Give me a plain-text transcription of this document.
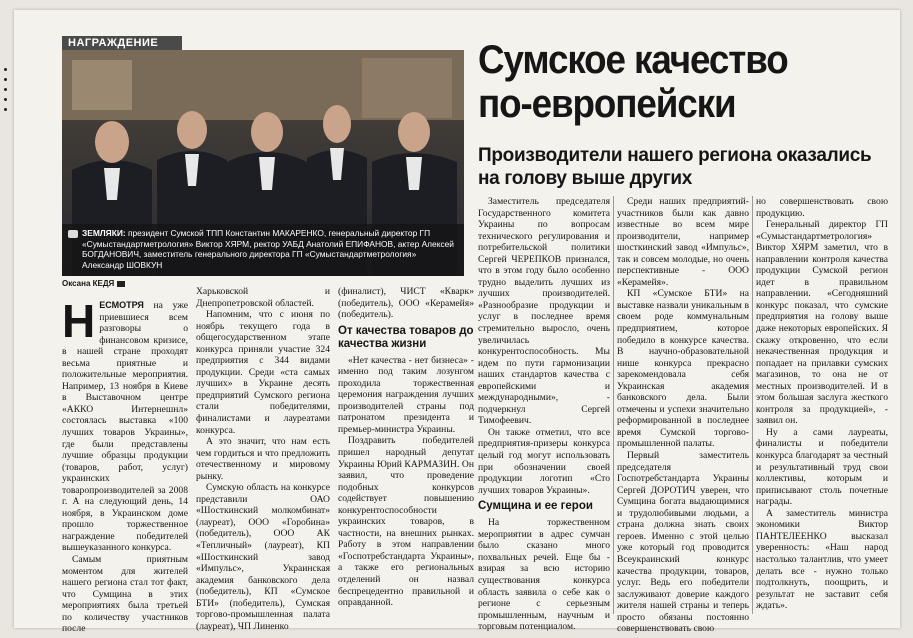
НАГРАЖДЕНИЕ
ЗЕМЛЯКИ: президент Сумской ТПП Константин МАКАРЕНКО, генеральный директор ГП «Сумыстандартметрология» Виктор ХЯРМ, ректор УАБД Анатолий ЕПИФАНОВ, актер Алексей БОГДАНОВИЧ, заместитель генерального директора ГП «Сумыстандартметрология» Александр ШОВКУН
Оксана КЕДЯ
Сумское качество
по-европейски
Производители нашего региона оказались
на голову выше других

НЕСМОТРЯ на уже приевшиеся всем разговоры о финансовом кризисе, в нашей стране проходят весьма приятные и положительные мероприятия. Например, 13 ноября в Киеве в Выставочном центре «АККО Интернешнл» состоялась выставка «100 лучших товаров Украины», где были представлены лучшие образцы продукции (товаров, работ, услуг) украинских товаропроизводителей за 2008 г. А на следующий день, 14 ноября, в Украинском доме прошло торжественное награждение победителей вышеуказанного конкурса.

Самым приятным моментом для жителей нашего региона стал тот факт, что Сумщина в этих мероприятиях была третьей по количеству участников после

Харьковской и Днепропетровской областей.

Напомним, что с июня по ноябрь текущего года в общегосударственном этапе конкурса приняли участие 324 предприятия с 344 видами продукции. Среди «ста самых лучших» в Украине десять предприятий Сумского региона стали победителями, финалистами и лауреатами конкурса.

А это значит, что нам есть чем гордиться и что предложить отечественному и мировому рынку.

Сумскую область на конкурсе представили ОАО «Шосткинский молкомбинат» (лауреат), ООО «Горобина» (победитель), ООО АК «Тепличный» (лауреат), КП «Шосткинский завод «Импульс», Украинская академия банковского дела (победитель), КП «Сумское БТИ» (победитель), Сумская торгово-промышленная палата (лауреат), ЧП Линенко

(финалист), ЧИСТ «Кварк» (победитель), ООО «Керамейя» (победитель).

От качества товаров до качества жизни

«Нет качества - нет бизнеса» - именно под таким лозунгом проходила торжественная церемония награждения лучших производителей страны под патронатом президента и премьер-министра Украины.

Поздравить победителей пришел народный депутат Украины Юрий КАРМАЗИН. Он заявил, что проведение подобных конкурсов содействует повышению конкурентоспособности украинских товаров, в частности, на внешних рынках. Работу в этом направлении «Госпотребстандарта Украины», а также его региональных отделений он назвал беспрецедентно правильной и оправданной.

Заместитель председателя Государственного комитета Украины по вопросам технического регулирования и потребительской политики Сергей ЧЕРЕПКОВ признался, что в этом году было особенно трудно выделить лучших из лучших производителей. «Разнообразие продукции и услуг в последнее время стремительно выросло, очень увеличилась конкурентоспособность. Мы идем по пути гармонизации наших стандартов качества с европейскими и международными», - подчеркнул Сергей Тимофеевич.

Он также отметил, что все предприятия-призеры конкурса целый год могут использовать при обозначении своей продукции логотип «Сто лучших товаров Украины».

Сумщина и ее герои

На торжественном мероприятии в адрес сумчан было сказано много похвальных речей. Еще бы - взирая за всю историю существования конкурса область заявила о себе как о регионе с серьезным промышленным, научным и торговым потенциалом.

Среди наших предприятий-участников были как давно известные во всем мире производители, например шосткинский завод «Импульс», так и совсем молодые, но очень перспективные - ООО «Керамейя».

КП «Сумское БТИ» на выставке назвали уникальным в своем роде коммунальным предприятием, которое победило в конкурсе качества. В научно-образовательной нише конкурса прекрасно зарекомендовала себя Украинская академия банковского дела. Были отмечены и успехи значительно реформированной в последнее время Сумской торгово-промышленной палаты.

Первый заместитель председателя Госпотребстандарта Украины Сергей ДОРОТИЧ уверен, что Сумщина богата выдающимися и трудолюбивыми людьми, а страна должна знать своих героев. Именно с этой целью уже который год проводится Всеукраинский конкурс качества продукции, товаров, услуг. Ведь его победители заслуживают доверие каждого жителя нашей страны и теперь просто обязаны постоянно совершенствовать свою

но совершенствовать свою продукцию.

Генеральный директор ГП «Сумыстандартметрология» Виктор ХЯРМ заметил, что в направлении контроля качества продукции Сумской регион идет в правильном направлении. «Сегодняшний конкурс показал, что сумские предприятия на голову выше даже некоторых европейских. Я скажу откровенно, что если некачественная продукция и попадает на прилавки сумских магазинов, то она не от местных производителей. И в этом большая заслуга жесткого контроля за продукцией», - заявил он.

Ну а сами лауреаты, финалисты и победители конкурса благодарят за честный и результативный труд свои коллективы, которым и приписывают столь почетные награды.

А заместитель министра экономики Виктор ПАНТЕЛЕЕНКО высказал уверенность: «Наш народ настолько талантлив, что умеет делать все - нужно только подтолкнуть, поощрить, и результат не заставит себя ждать».
